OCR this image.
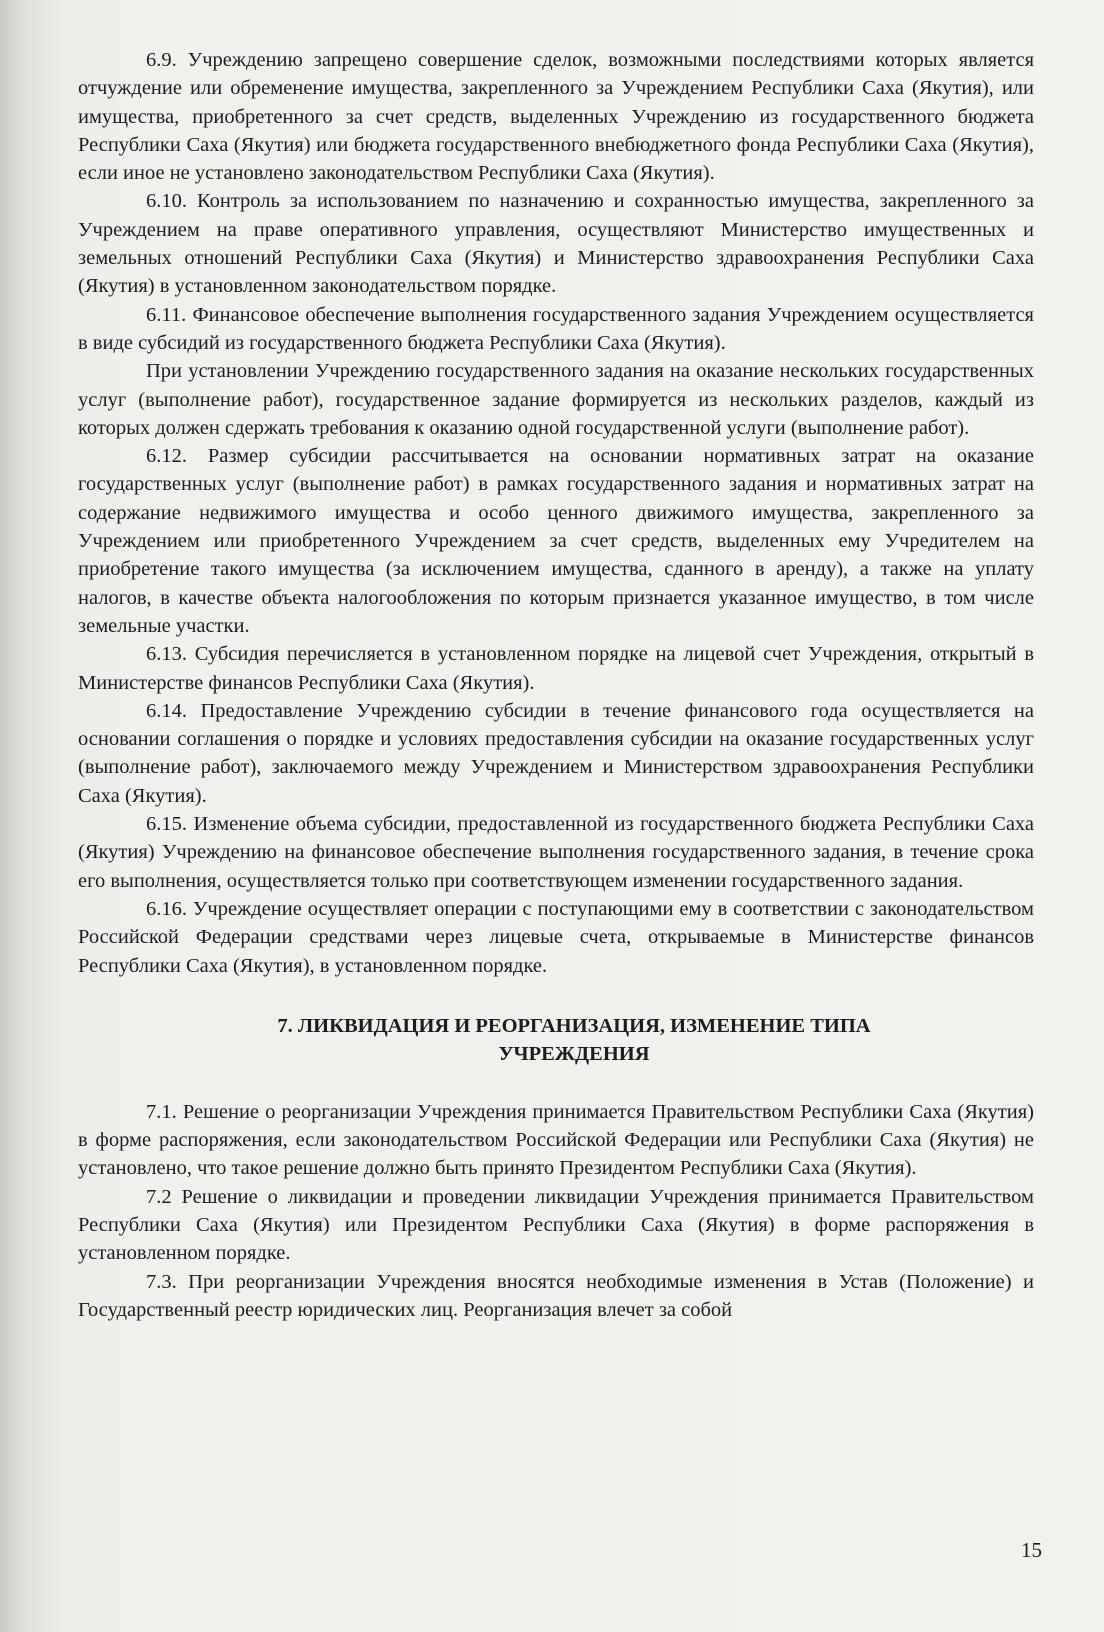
6.9. Учреждению запрещено совершение сделок, возможными последствиями которых является отчуждение или обременение имущества, закрепленного за Учреждением Республики Саха (Якутия), или имущества, приобретенного за счет средств, выделенных Учреждению из государственного бюджета Республики Саха (Якутия) или бюджета государственного внебюджетного фонда Республики Саха (Якутия), если иное не установлено законодательством Республики Саха (Якутия).

6.10. Контроль за использованием по назначению и сохранностью имущества, закрепленного за Учреждением на праве оперативного управления, осуществляют Министерство имущественных и земельных отношений Республики Саха (Якутия) и Министерство здравоохранения Республики Саха (Якутия) в установленном законодательством порядке.

6.11. Финансовое обеспечение выполнения государственного задания Учреждением осуществляется в виде субсидий из государственного бюджета Республики Саха (Якутия).

При установлении Учреждению государственного задания на оказание нескольких государственных услуг (выполнение работ), государственное задание формируется из нескольких разделов, каждый из которых должен сдержать требования к оказанию одной государственной услуги (выполнение работ).

6.12. Размер субсидии рассчитывается на основании нормативных затрат на оказание государственных услуг (выполнение работ) в рамках государственного задания и нормативных затрат на содержание недвижимого имущества и особо ценного движимого имущества, закрепленного за Учреждением или приобретенного Учреждением за счет средств, выделенных ему Учредителем на приобретение такого имущества (за исключением имущества, сданного в аренду), а также на уплату налогов, в качестве объекта налогообложения по которым признается указанное имущество, в том числе земельные участки.

6.13. Субсидия перечисляется в установленном порядке на лицевой счет Учреждения, открытый в Министерстве финансов Республики Саха (Якутия).

6.14. Предоставление Учреждению субсидии в течение финансового года осуществляется на основании соглашения о порядке и условиях предоставления субсидии на оказание государственных услуг (выполнение работ), заключаемого между Учреждением и Министерством здравоохранения Республики Саха (Якутия).

6.15. Изменение объема субсидии, предоставленной из государственного бюджета Республики Саха (Якутия) Учреждению на финансовое обеспечение выполнения государственного задания, в течение срока его выполнения, осуществляется только при соответствующем изменении государственного задания.

6.16. Учреждение осуществляет операции с поступающими ему в соответствии с законодательством Российской Федерации средствами через лицевые счета, открываемые в Министерстве финансов Республики Саха (Якутия), в установленном порядке.

7. ЛИКВИДАЦИЯ И РЕОРГАНИЗАЦИЯ, ИЗМЕНЕНИЕ ТИПА
УЧРЕЖДЕНИЯ

7.1. Решение о реорганизации Учреждения принимается Правительством Республики Саха (Якутия) в форме распоряжения, если законодательством Российской Федерации или Республики Саха (Якутия) не установлено, что такое решение должно быть принято Президентом Республики Саха (Якутия).

7.2 Решение о ликвидации и проведении ликвидации Учреждения принимается Правительством Республики Саха (Якутия) или Президентом Республики Саха (Якутия) в форме распоряжения в установленном порядке.

7.3. При реорганизации Учреждения вносятся необходимые изменения в Устав (Положение) и Государственный реестр юридических лиц. Реорганизация влечет за собой

15
